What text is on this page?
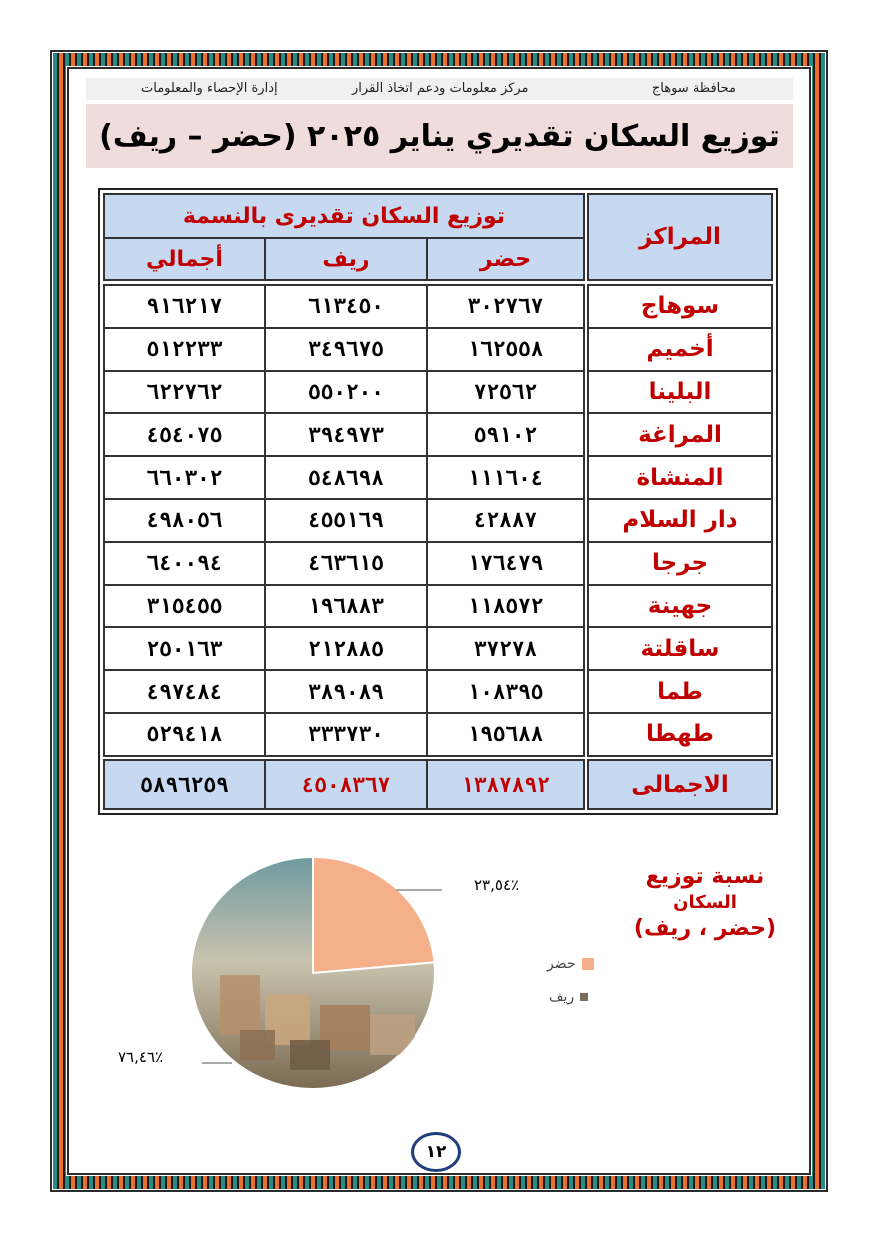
محافظة سوهاج
مركز معلومات ودعم اتخاذ القرار
إدارة الإحصاء والمعلومات
توزيع السكان تقديري يناير ٢٠٢٥ (حضر – ريف)
المراكز
توزيع السكان تقديرى بالنسمة
حضر
ريف
أجمالي
سوهاج
٣٠٢٧٦٧
٦١٣٤٥٠
٩١٦٢١٧
أخميم
١٦٢٥٥٨
٣٤٩٦٧٥
٥١٢٢٣٣
البلينا
٧٢٥٦٢
٥٥٠٢٠٠
٦٢٢٧٦٢
المراغة
٥٩١٠٢
٣٩٤٩٧٣
٤٥٤٠٧٥
المنشاة
١١١٦٠٤
٥٤٨٦٩٨
٦٦٠٣٠٢
دار السلام
٤٢٨٨٧
٤٥٥١٦٩
٤٩٨٠٥٦
جرجا
١٧٦٤٧٩
٤٦٣٦١٥
٦٤٠٠٩٤
جهينة
١١٨٥٧٢
١٩٦٨٨٣
٣١٥٤٥٥
ساقلتة
٣٧٢٧٨
٢١٢٨٨٥
٢٥٠١٦٣
طما
١٠٨٣٩٥
٣٨٩٠٨٩
٤٩٧٤٨٤
طهطا
١٩٥٦٨٨
٣٣٣٧٣٠
٥٢٩٤١٨
الاجمالى
١٣٨٧٨٩٢
٤٥٠٨٣٦٧
٥٨٩٦٢٥٩
٪٢٣,٥٤
٪٧٦,٤٦
حضر
ريف
نسبة توزيع
السكان
(حضر ، ريف)
١٢
